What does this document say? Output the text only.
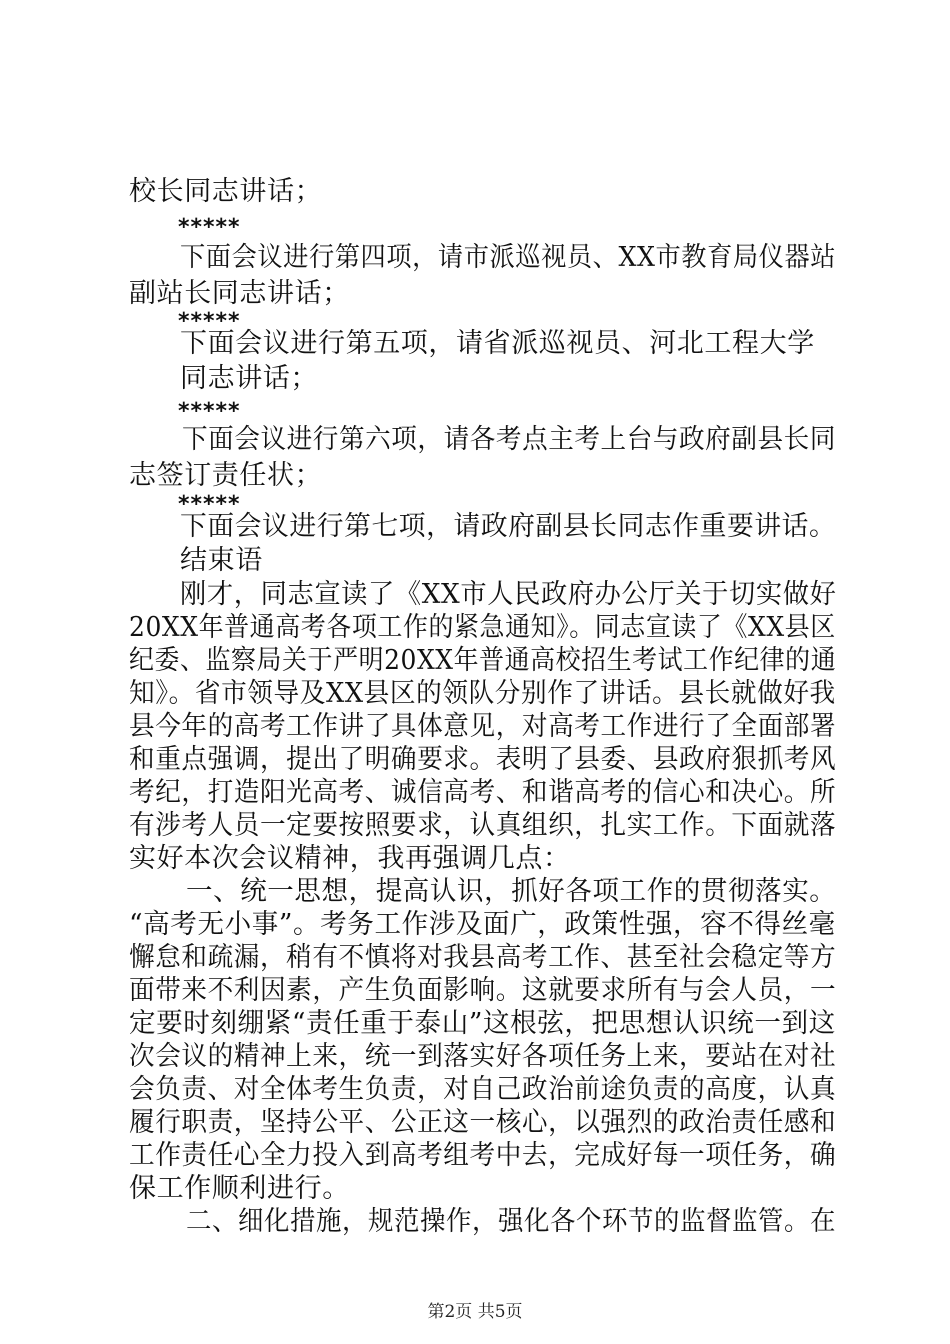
校长同志讲话；
*****
下面会议进行第四项，请市派巡视员、XX市教育局仪器站
副站长同志讲话；
*****
下面会议进行第五项，请省派巡视员、河北工程大学
同志讲话；
*****
下面会议进行第六项，请各考点主考上台与政府副县长同
志签订责任状；
*****
下面会议进行第七项，请政府副县长同志作重要讲话。
结束语
刚才，同志宣读了《XX市人民政府办公厅关于切实做好
20XX年普通高考各项工作的紧急通知》。同志宣读了《XX县区
纪委、监察局关于严明20XX年普通高校招生考试工作纪律的通
知》。省市领导及XX县区的领队分别作了讲话。县长就做好我
县今年的高考工作讲了具体意见，对高考工作进行了全面部署
和重点强调，提出了明确要求。表明了县委、县政府狠抓考风
考纪，打造阳光高考、诚信高考、和谐高考的信心和决心。所
有涉考人员一定要按照要求，认真组织，扎实工作。下面就落
实好本次会议精神，我再强调几点：
一、统一思想，提高认识，抓好各项工作的贯彻落实。
“高考无小事”。考务工作涉及面广，政策性强，容不得丝毫
懈怠和疏漏，稍有不慎将对我县高考工作、甚至社会稳定等方
面带来不利因素，产生负面影响。这就要求所有与会人员，一
定要时刻绷紧“责任重于泰山”这根弦，把思想认识统一到这
次会议的精神上来，统一到落实好各项任务上来，要站在对社
会负责、对全体考生负责，对自己政治前途负责的高度，认真
履行职责，坚持公平、公正这一核心，以强烈的政治责任感和
工作责任心全力投入到高考组考中去，完成好每一项任务，确
保工作顺利进行。
二、细化措施，规范操作，强化各个环节的监督监管。在
第2页 共5页
